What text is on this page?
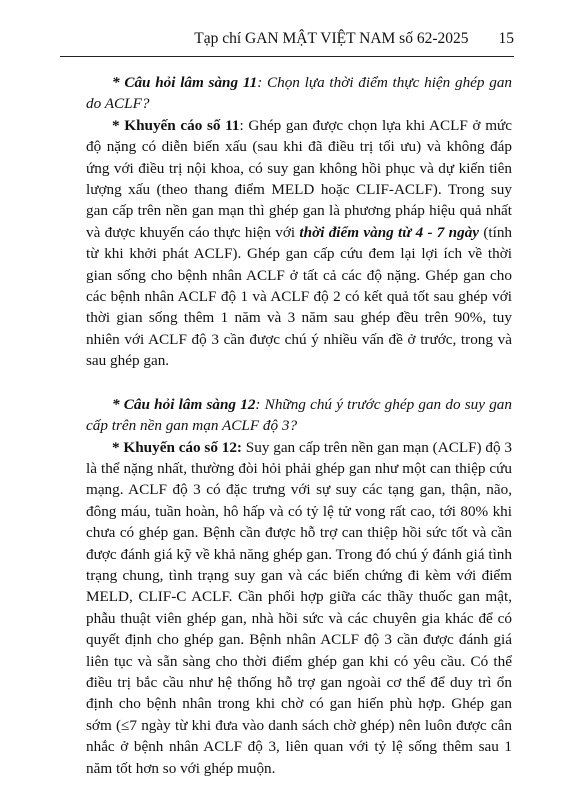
Tạp chí GAN MẬT VIỆT NAM số 62-2025 15

* Câu hỏi lâm sàng 11: Chọn lựa thời điểm thực hiện ghép gan do ACLF?

* Khuyến cáo số 11: Ghép gan được chọn lựa khi ACLF ở mức độ nặng có diễn biến xấu (sau khi đã điều trị tối ưu) và không đáp ứng với điều trị nội khoa, có suy gan không hồi phục và dự kiến tiên lượng xấu (theo thang điểm MELD hoặc CLIF-ACLF). Trong suy gan cấp trên nền gan mạn thì ghép gan là phương pháp hiệu quả nhất và được khuyến cáo thực hiện với thời điểm vàng từ 4 - 7 ngày (tính từ khi khởi phát ACLF). Ghép gan cấp cứu đem lại lợi ích về thời gian sống cho bệnh nhân ACLF ở tất cả các độ nặng. Ghép gan cho các bệnh nhân ACLF độ 1 và ACLF độ 2 có kết quả tốt sau ghép với thời gian sống thêm 1 năm và 3 năm sau ghép đều trên 90%, tuy nhiên với ACLF độ 3 cần được chú ý nhiều vấn đề ở trước, trong và sau ghép gan.

* Câu hỏi lâm sàng 12: Những chú ý trước ghép gan do suy gan cấp trên nền gan mạn ACLF độ 3?

* Khuyến cáo số 12: Suy gan cấp trên nền gan mạn (ACLF) độ 3 là thể nặng nhất, thường đòi hỏi phải ghép gan như một can thiệp cứu mạng. ACLF độ 3 có đặc trưng với sự suy các tạng gan, thận, não, đông máu, tuần hoàn, hô hấp và có tỷ lệ tử vong rất cao, tới 80% khi chưa có ghép gan. Bệnh cần được hỗ trợ can thiệp hồi sức tốt và cần được đánh giá kỹ về khả năng ghép gan. Trong đó chú ý đánh giá tình trạng chung, tình trạng suy gan và các biến chứng đi kèm với điểm MELD, CLIF-C ACLF. Cần phối hợp giữa các thầy thuốc gan mật, phẫu thuật viên ghép gan, nhà hồi sức và các chuyên gia khác để có quyết định cho ghép gan. Bệnh nhân ACLF độ 3 cần được đánh giá liên tục và sẵn sàng cho thời điểm ghép gan khi có yêu cầu. Có thể điều trị bắc cầu như hệ thống hỗ trợ gan ngoài cơ thể để duy trì ổn định cho bệnh nhân trong khi chờ có gan hiến phù hợp. Ghép gan sớm (≤7 ngày từ khi đưa vào danh sách chờ ghép) nên luôn được cân nhắc ở bệnh nhân ACLF độ 3, liên quan với tỷ lệ sống thêm sau 1 năm tốt hơn so với ghép muộn.
